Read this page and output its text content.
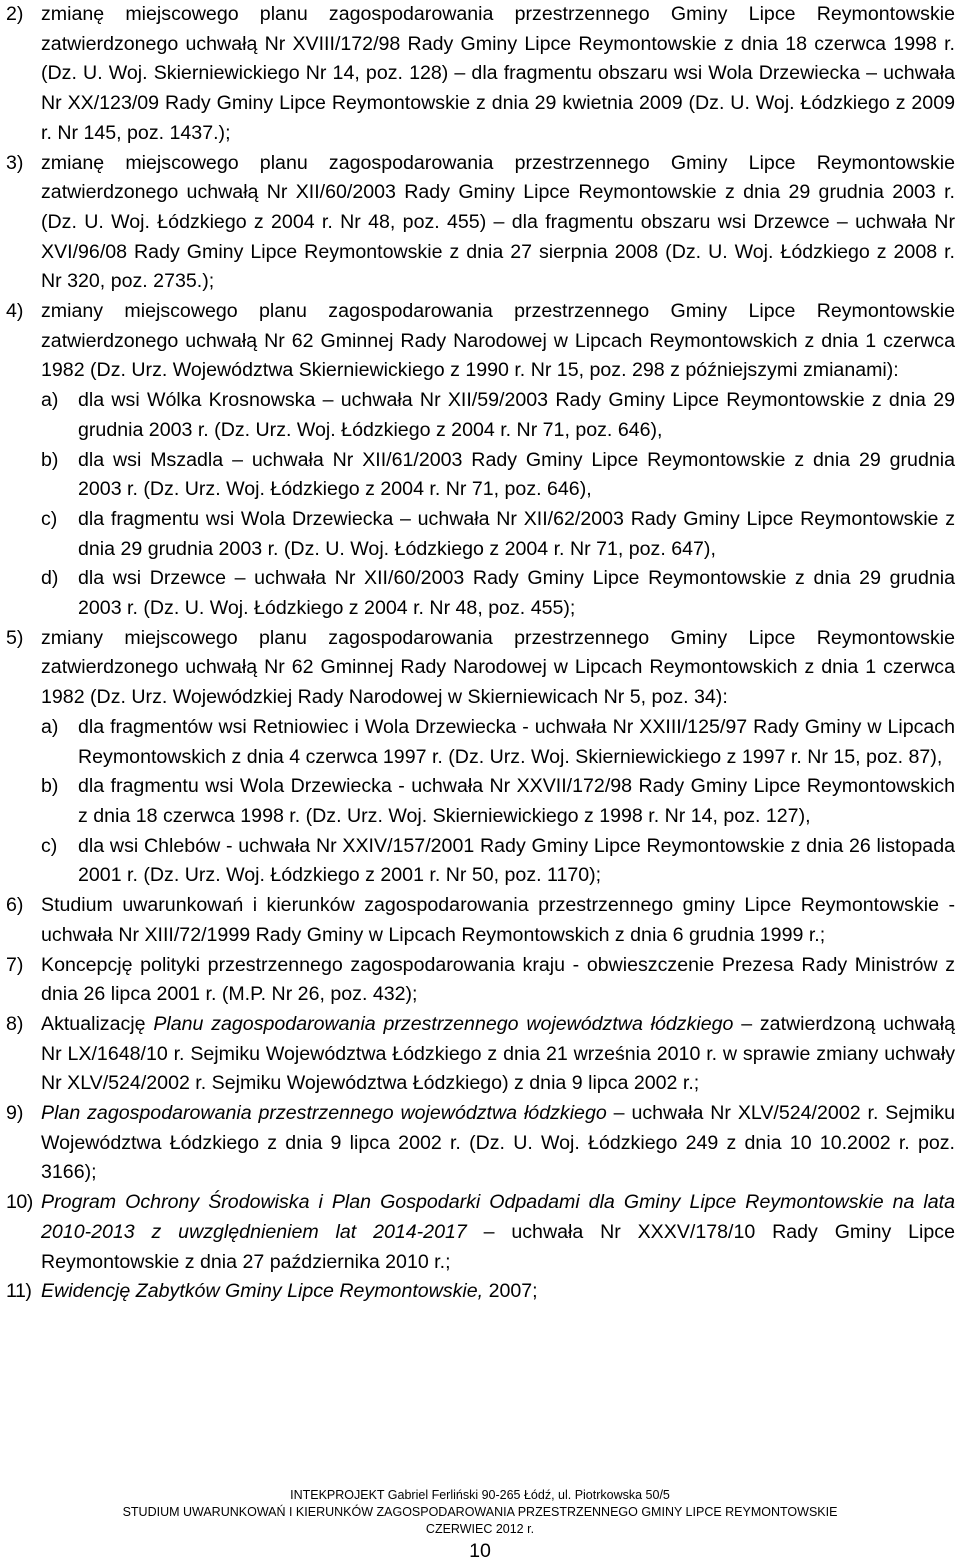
2) zmianę miejscowego planu zagospodarowania przestrzennego Gminy Lipce Reymontowskie zatwierdzonego uchwałą Nr XVIII/172/98 Rady Gminy Lipce Reymontowskie z dnia 18 czerwca 1998 r. (Dz. U. Woj. Skierniewickiego Nr 14, poz. 128) – dla fragmentu obszaru wsi Wola Drzewiecka – uchwała Nr XX/123/09 Rady Gminy Lipce Reymontowskie z dnia 29 kwietnia 2009 (Dz. U. Woj. Łódzkiego z 2009 r. Nr 145, poz. 1437.);
3) zmianę miejscowego planu zagospodarowania przestrzennego Gminy Lipce Reymontowskie zatwierdzonego uchwałą Nr XII/60/2003 Rady Gminy Lipce Reymontowskie z dnia 29 grudnia 2003 r. (Dz. U. Woj. Łódzkiego z 2004 r. Nr 48, poz. 455) – dla fragmentu obszaru wsi Drzewce – uchwała Nr XVI/96/08 Rady Gminy Lipce Reymontowskie z dnia 27 sierpnia 2008 (Dz. U. Woj. Łódzkiego z 2008 r. Nr 320, poz. 2735.);
4) zmiany miejscowego planu zagospodarowania przestrzennego Gminy Lipce Reymontowskie zatwierdzonego uchwałą Nr 62 Gminnej Rady Narodowej w Lipcach Reymontowskich z dnia 1 czerwca 1982 (Dz. Urz. Województwa Skierniewickiego z 1990 r. Nr 15, poz. 298 z późniejszymi zmianami):
a) dla wsi Wólka Krosnowska – uchwała Nr XII/59/2003 Rady Gminy Lipce Reymontowskie z dnia 29 grudnia 2003 r. (Dz. Urz. Woj. Łódzkiego z 2004 r. Nr 71, poz. 646),
b) dla wsi Mszadla – uchwała Nr XII/61/2003 Rady Gminy Lipce Reymontowskie z dnia 29 grudnia 2003 r. (Dz. Urz. Woj. Łódzkiego z 2004 r. Nr 71, poz. 646),
c)	dla fragmentu wsi Wola Drzewiecka – uchwała Nr XII/62/2003 Rady Gminy Lipce Reymontowskie z dnia 29 grudnia 2003 r. (Dz. U. Woj. Łódzkiego z 2004 r. Nr 71, poz. 647),
d) dla wsi Drzewce – uchwała Nr XII/60/2003 Rady Gminy Lipce Reymontowskie z dnia 29 grudnia 2003 r. (Dz. U. Woj. Łódzkiego z 2004 r. Nr 48, poz. 455);
5) zmiany miejscowego planu zagospodarowania przestrzennego Gminy Lipce Reymontowskie zatwierdzonego uchwałą Nr 62 Gminnej Rady Narodowej w Lipcach Reymontowskich z dnia 1 czerwca 1982 (Dz. Urz. Wojewódzkiej Rady Narodowej w Skierniewicach Nr 5, poz. 34):
a) dla fragmentów wsi Retniowiec i Wola Drzewiecka - uchwała Nr XXIII/125/97 Rady Gminy w Lipcach Reymontowskich z dnia 4 czerwca 1997 r. (Dz. Urz. Woj. Skierniewickiego z 1997 r. Nr 15, poz. 87),
b) dla fragmentu wsi Wola Drzewiecka - uchwała Nr XXVII/172/98 Rady Gminy Lipce Reymontowskich z dnia 18 czerwca 1998 r. (Dz. Urz. Woj. Skierniewickiego z 1998 r. Nr 14, poz. 127),
c)	dla wsi Chlebów - uchwała Nr XXIV/157/2001 Rady Gminy Lipce Reymontowskie z dnia 26 listopada 2001 r. (Dz. Urz. Woj. Łódzkiego z 2001 r. Nr 50, poz. 1170);
6) Studium uwarunkowań i kierunków zagospodarowania przestrzennego gminy Lipce Reymontowskie - uchwała Nr XIII/72/1999 Rady Gminy w Lipcach Reymontowskich z dnia 6 grudnia 1999 r.;
7) Koncepcję polityki przestrzennego zagospodarowania kraju - obwieszczenie Prezesa Rady Ministrów z dnia 26 lipca 2001 r. (M.P. Nr 26, poz. 432);
8) Aktualizację Planu zagospodarowania przestrzennego województwa łódzkiego – zatwierdzoną uchwałą Nr LX/1648/10 r. Sejmiku Województwa Łódzkiego z dnia 21 września 2010 r. w sprawie zmiany uchwały Nr XLV/524/2002 r. Sejmiku Województwa Łódzkiego) z dnia 9 lipca 2002 r.;
9) Plan zagospodarowania przestrzennego województwa łódzkiego – uchwała Nr XLV/524/2002 r. Sejmiku Województwa Łódzkiego z dnia 9 lipca 2002 r. (Dz. U. Woj. Łódzkiego 249 z dnia 10 10.2002 r. poz. 3166);
10) Program Ochrony Środowiska i Plan Gospodarki Odpadami dla Gminy Lipce Reymontowskie na lata 2010-2013 z uwzględnieniem lat 2014-2017 – uchwała Nr XXXV/178/10 Rady Gminy Lipce Reymontowskie z dnia 27 października 2010 r.;
11) Ewidencję Zabytków Gminy Lipce Reymontowskie, 2007;
INTEKPROJEKT Gabriel Ferliński 90-265 Łódź, ul. Piotrkowska 50/5
STUDIUM UWARUNKOWAŃ I KIERUNKÓW ZAGOSPODAROWANIA PRZESTRZENNEGO GMINY LIPCE REYMONTOWSKIE
CZERWIEC 2012 r.
10
